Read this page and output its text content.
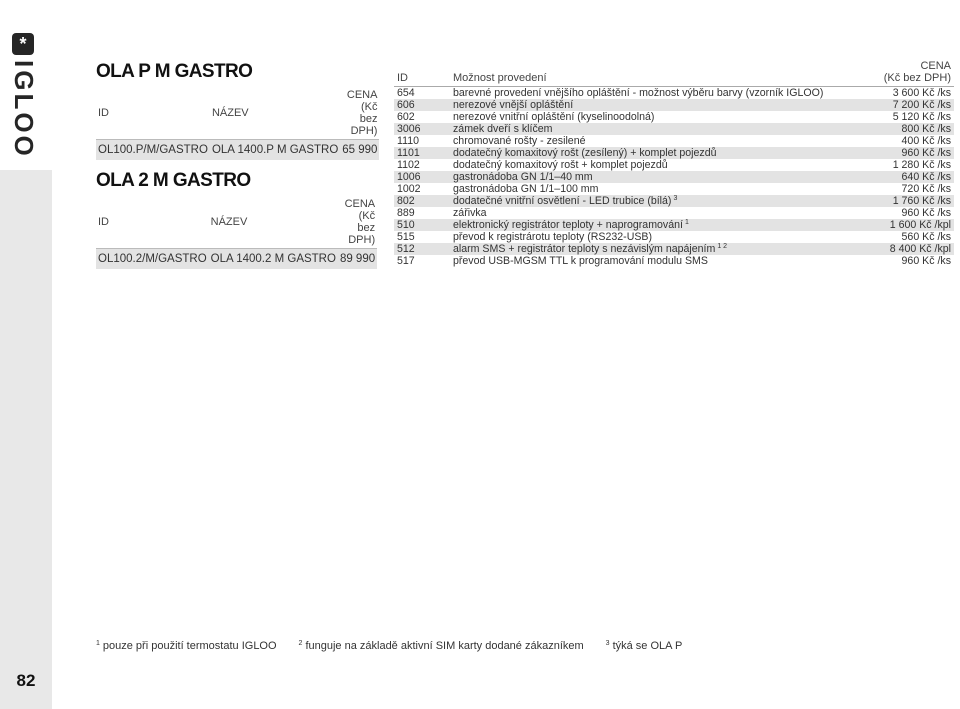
*
IGLOO
82
OLA P M GASTRO
ID	NÁZEV	CENA (Kč bez DPH)
OL100.P/M/GASTRO	OLA 1400.P M GASTRO	65 990
OLA 2 M GASTRO
ID	NÁZEV	CENA (Kč bez DPH)
OL100.2/M/GASTRO	OLA 1400.2 M GASTRO	89 990
ID	Možnost provedení	CENA
(Kč bez DPH)

654	barevné provedení vnějšího opláštění - možnost výběru barvy (vzorník IGLOO)	3 600 Kč /ks
606	nerezové vnější opláštění	7 200 Kč /ks
602	nerezové vnitřní opláštění (kyselinoodolná)	5 120 Kč /ks
3006	zámek dveří s klíčem	800 Kč /ks
1110	chromované rošty - zesilené	400 Kč /ks
1101	dodatečný komaxitový rošt (zesílený) + komplet pojezdů	960 Kč /ks
1102	dodatečný komaxitový rošt + komplet pojezdů	1 280 Kč /ks
1006	gastronádoba GN 1/1–40 mm	640 Kč /ks
1002	gastronádoba GN 1/1–100 mm	720 Kč /ks
802	dodatečné vnitřní osvětlení - LED trubice (bílá) $^3$	1 760 Kč /ks
889	zářivka	960 Kč /ks
510	elektronický registrátor teploty + naprogramování $^1$	1 600 Kč /kpl
515	převod k registrárotu teploty (RS232-USB)	560 Kč /ks
512	alarm SMS + registrátor teploty s nezávislým napájením $^{1 2}$	8 400 Kč /kpl
517	převod USB-MGSM TTL k programování modulu SMS	960 Kč /ks
$^1$ pouze při použití termostatu IGLOO	$^2$ funguje na základě aktivní SIM karty dodané zákazníkem	$^3$ týká se OLA P
